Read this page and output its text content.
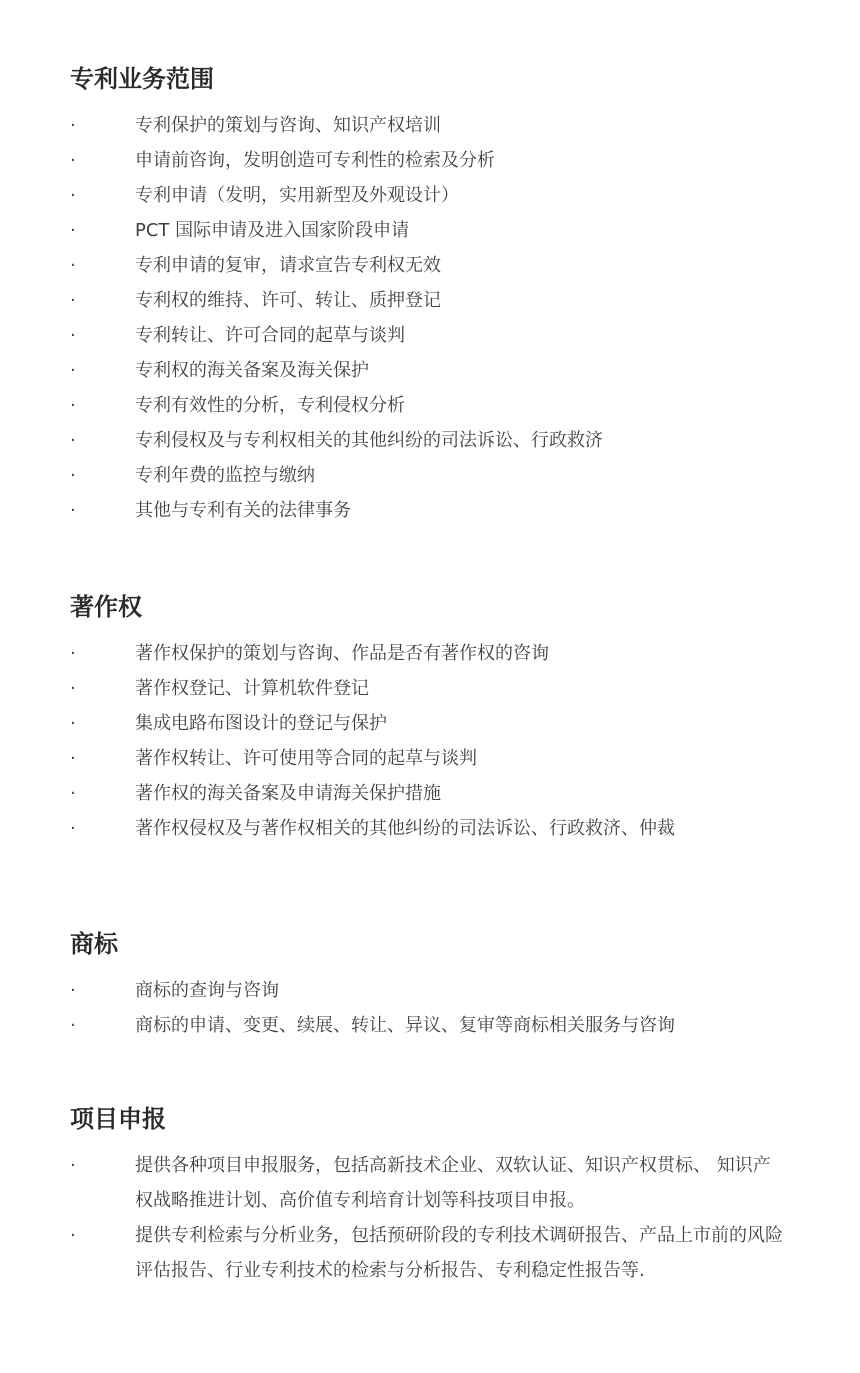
专利业务范围
·	专利保护的策划与咨询、知识产权培训
·	申请前咨询，发明创造可专利性的检索及分析
·	专利申请（发明，实用新型及外观设计）
·	PCT 国际申请及进入国家阶段申请
·	专利申请的复审，请求宣告专利权无效
·	专利权的维持、许可、转让、质押登记
·	专利转让、许可合同的起草与谈判
·	专利权的海关备案及海关保护
·	专利有效性的分析，专利侵权分析
·	专利侵权及与专利权相关的其他纠纷的司法诉讼、行政救济
·	专利年费的监控与缴纳
·	其他与专利有关的法律事务
著作权
·	著作权保护的策划与咨询、作品是否有著作权的咨询
·	著作权登记、计算机软件登记
·	集成电路布图设计的登记与保护
·	著作权转让、许可使用等合同的起草与谈判
·	著作权的海关备案及申请海关保护措施
·	著作权侵权及与著作权相关的其他纠纷的司法诉讼、行政救济、仲裁
商标
·	商标的查询与咨询
·	商标的申请、变更、续展、转让、异议、复审等商标相关服务与咨询
项目申报
·	提供各种项目申报服务，包括高新技术企业、双软认证、知识产权贯标、 知识产权战略推进计划、高价值专利培育计划等科技项目申报。
·	提供专利检索与分析业务，包括预研阶段的专利技术调研报告、产品上市前的风险评估报告、行业专利技术的检索与分析报告、专利稳定性报告等.
